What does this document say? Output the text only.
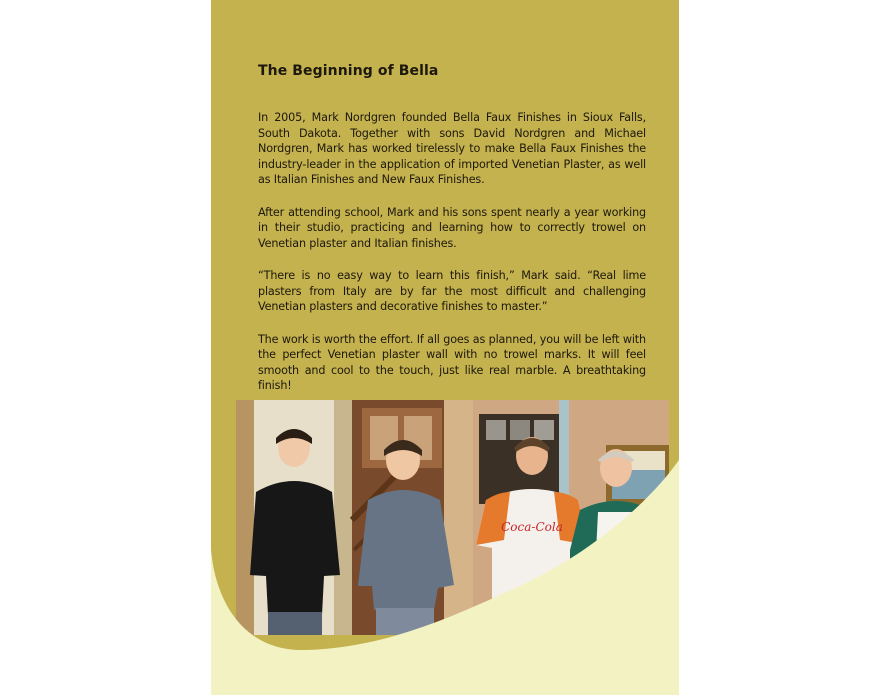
The Beginning of Bella

In 2005, Mark Nordgren founded Bella Faux Finishes in Sioux Falls, South Dakota. Together with sons David Nordgren and Michael Nordgren, Mark has worked tirelessly to make Bella Faux Finishes the industry-leader in the application of imported Venetian Plaster, as well as Italian Finishes and New Faux Finishes.

After attending school, Mark and his sons spent nearly a year working in their studio, practicing and learning how to correctly trowel on Venetian plaster and Italian finishes.

“There is no easy way to learn this finish,” Mark said. “Real lime plasters from Italy are by far the most difficult and challenging Venetian plasters and decorative finishes to master.”

The work is worth the effort. If all goes as planned, you will be left with the perfect Venetian plaster wall with no trowel marks. It will feel smooth and cool to the touch, just like real marble. A breathtaking finish!

Coca-Cola
